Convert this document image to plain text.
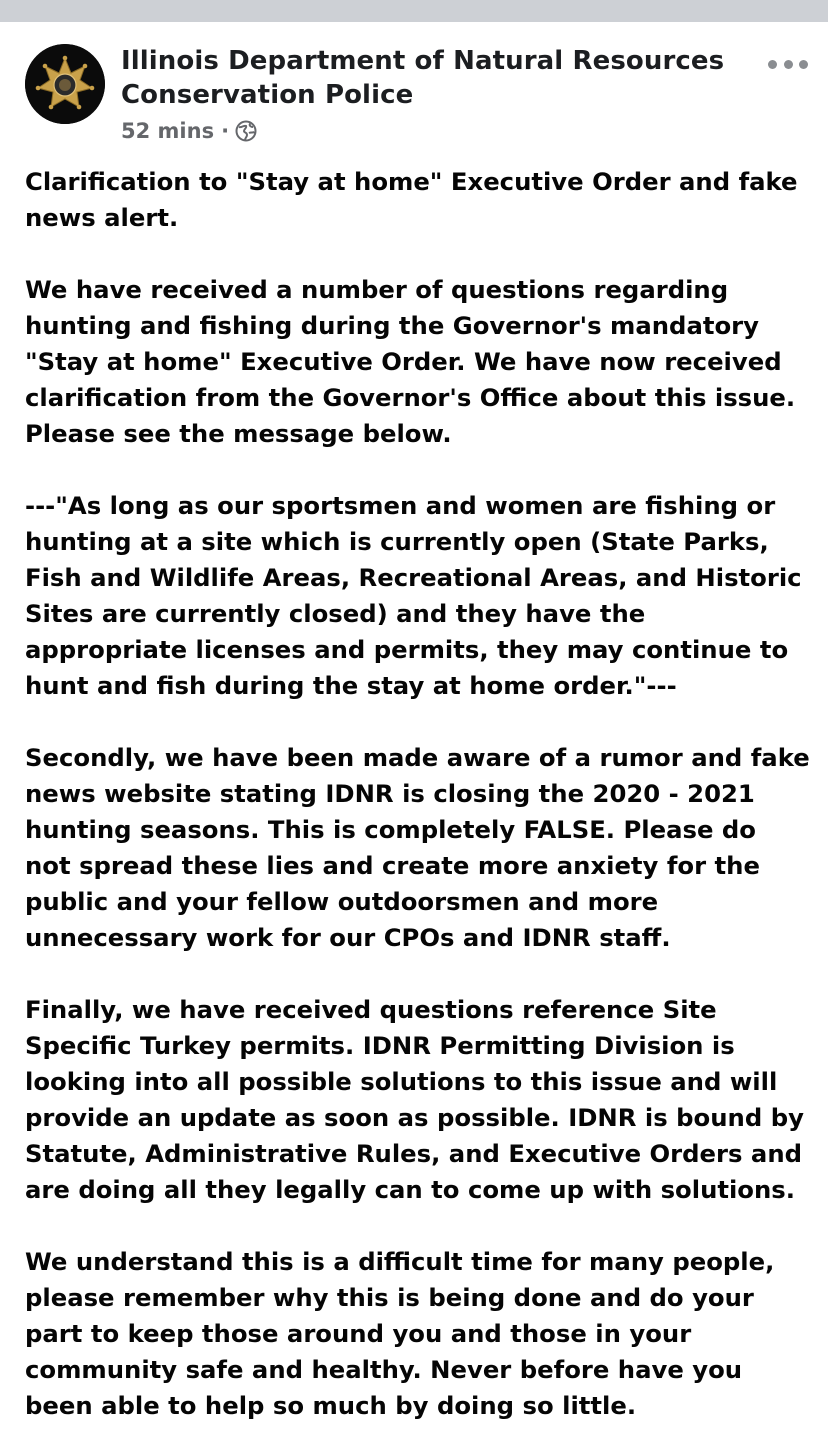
Illinois Department of Natural Resources
Conservation Police
52 mins ·

Clarification to "Stay at home" Executive Order and fake
news alert.

We have received a number of questions regarding
hunting and fishing during the Governor's mandatory
"Stay at home" Executive Order. We have now received
clarification from the Governor's Office about this issue.
Please see the message below.

---"As long as our sportsmen and women are fishing or
hunting at a site which is currently open (State Parks,
Fish and Wildlife Areas, Recreational Areas, and Historic
Sites are currently closed) and they have the
appropriate licenses and permits, they may continue to
hunt and fish during the stay at home order."---

Secondly, we have been made aware of a rumor and fake
news website stating IDNR is closing the 2020 - 2021
hunting seasons. This is completely FALSE. Please do
not spread these lies and create more anxiety for the
public and your fellow outdoorsmen and more
unnecessary work for our CPOs and IDNR staff.

Finally, we have received questions reference Site
Specific Turkey permits. IDNR Permitting Division is
looking into all possible solutions to this issue and will
provide an update as soon as possible. IDNR is bound by
Statute, Administrative Rules, and Executive Orders and
are doing all they legally can to come up with solutions.

We understand this is a difficult time for many people,
please remember why this is being done and do your
part to keep those around you and those in your
community safe and healthy. Never before have you
been able to help so much by doing so little.
